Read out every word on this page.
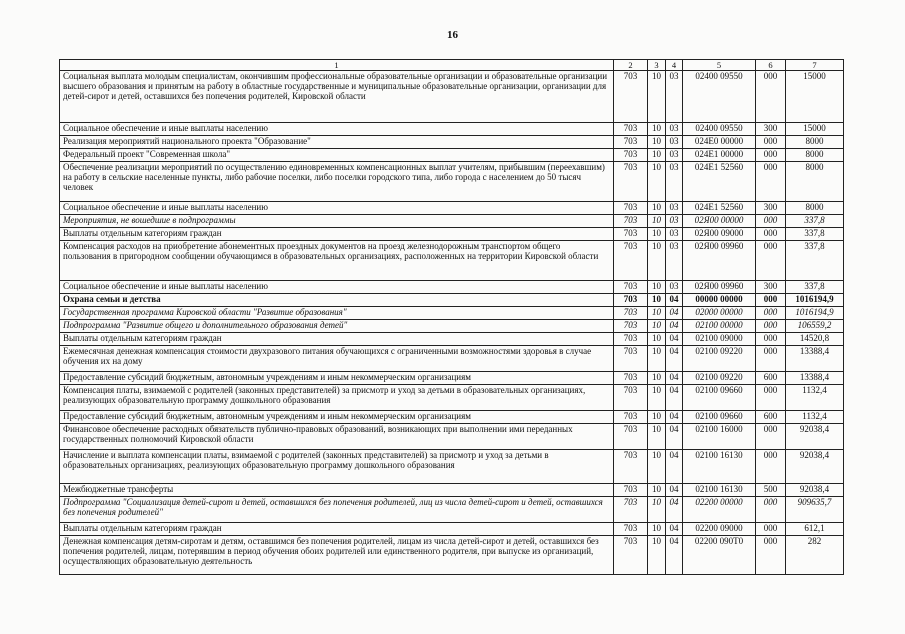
16
1	2	3	4	5	6	7
Социальная выплата молодым специалистам, окончившим профессиональные образовательные организации и образовательные организации высшего образования и принятым на работу в областные государственные и муниципальные образовательные организации, организации для детей-сирот и детей, оставшихся без попечения родителей, Кировской области	703	10	03	02400 09550	000	15000
Социальное обеспечение и иные выплаты населению	703	10	03	02400 09550	300	15000
Реализация мероприятий национального проекта "Образование"	703	10	03	024E0 00000	000	8000
Федеральный проект "Современная школа"	703	10	03	024E1 00000	000	8000
Обеспечение реализации мероприятий по осуществлению единовременных компенсационных выплат учителям, прибывшим (переехавшим) на работу в сельские населенные пункты, либо рабочие поселки, либо поселки городского типа, либо города с населением до 50 тысяч человек	703	10	03	024E1 52560	000	8000
Социальное обеспечение и иные выплаты населению	703	10	03	024E1 52560	300	8000
Мероприятия, не вошедшие в подпрограммы	703	10	03	02Я00 00000	000	337,8
Выплаты отдельным категориям граждан	703	10	03	02Я00 09000	000	337,8
Компенсация расходов на приобретение абонементных проездных документов на проезд железнодорожным транспортом общего пользования в пригородном сообщении обучающимся в образовательных организациях, расположенных на территории Кировской области	703	10	03	02Я00 09960	000	337,8
Социальное обеспечение и иные выплаты населению	703	10	03	02Я00 09960	300	337,8
Охрана семьи и детства	703	10	04	00000 00000	000	1016194,9
Государственная программа Кировской области "Развитие образования"	703	10	04	02000 00000	000	1016194,9
Подпрограмма "Развитие общего и дополнительного образования детей"	703	10	04	02100 00000	000	106559,2
Выплаты отдельным категориям граждан	703	10	04	02100 09000	000	14520,8
Ежемесячная денежная компенсация стоимости двухразового питания обучающихся с ограниченными возможностями здоровья в случае обучения их на дому	703	10	04	02100 09220	000	13388,4
Предоставление субсидий бюджетным, автономным учреждениям и иным некоммерческим организациям	703	10	04	02100 09220	600	13388,4
Компенсация платы, взимаемой с родителей (законных представителей) за присмотр и уход за детьми в образовательных организациях, реализующих образовательную программу дошкольного образования	703	10	04	02100 09660	000	1132,4
Предоставление субсидий бюджетным, автономным учреждениям и иным некоммерческим организациям	703	10	04	02100 09660	600	1132,4
Финансовое обеспечение расходных обязательств публично-правовых образований, возникающих при выполнении ими переданных государственных полномочий Кировской области	703	10	04	02100 16000	000	92038,4
Начисление и выплата компенсации платы, взимаемой с родителей (законных представителей) за присмотр и уход за детьми в образовательных организациях, реализующих образовательную программу дошкольного образования	703	10	04	02100 16130	000	92038,4
Межбюджетные трансферты	703	10	04	02100 16130	500	92038,4
Подпрограмма "Социализация детей-сирот и детей, оставшихся без попечения родителей, лиц из числа детей-сирот и детей, оставшихся без попечения родителей"	703	10	04	02200 00000	000	909635,7
Выплаты отдельным категориям граждан	703	10	04	02200 09000	000	612,1
Денежная компенсация детям-сиротам и детям, оставшимся без попечения родителей, лицам из числа детей-сирот и детей, оставшихся без попечения родителей, лицам, потерявшим в период обучения обоих родителей или единственного родителя, при выпуске из организаций, осуществляющих образовательную деятельность	703	10	04	02200 090Т0	000	282
